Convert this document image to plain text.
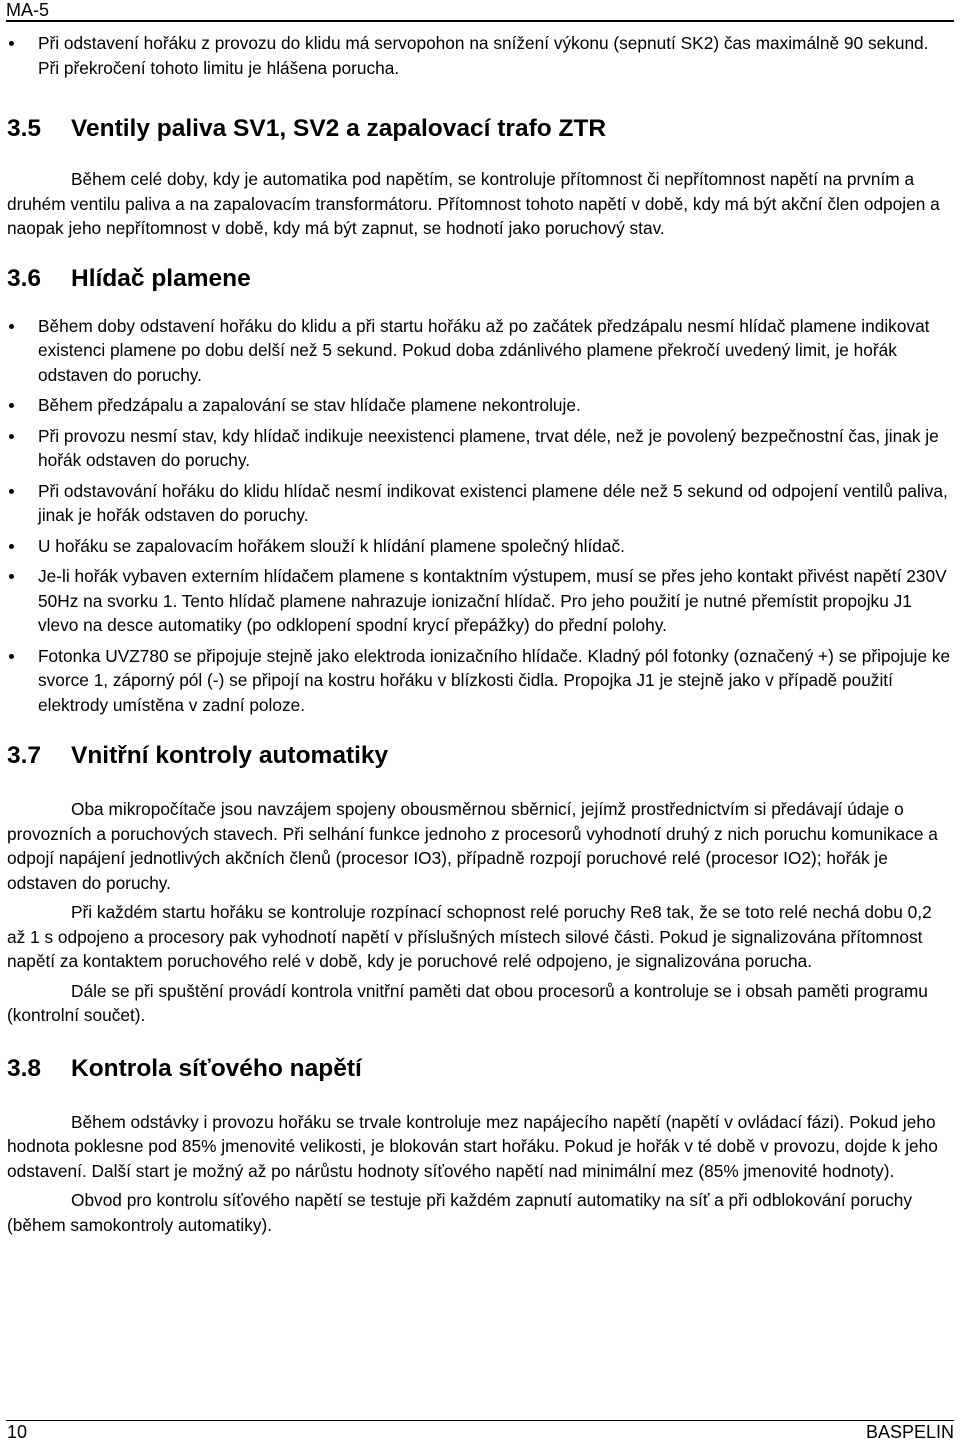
MA-5
Při odstavení hořáku z provozu do klidu má servopohon na snížení výkonu (sepnutí SK2) čas maximálně 90 sekund. Při překročení tohoto limitu je hlášena porucha.
3.5	Ventily paliva SV1, SV2 a zapalovací trafo ZTR

Během celé doby, kdy je automatika pod napětím, se kontroluje přítomnost či nepřítomnost napětí na prvním a druhém ventilu paliva a na zapalovacím transformátoru. Přítomnost tohoto napětí v době, kdy má být akční člen odpojen a naopak jeho nepřítomnost v době, kdy má být zapnut, se hodnotí jako poruchový stav.

3.6	Hlídač plamene
Během doby odstavení hořáku do klidu a při startu hořáku až po začátek předzápalu nesmí hlídač plamene indikovat existenci plamene po dobu delší než 5 sekund. Pokud doba zdánlivého plamene překročí uvedený limit, je hořák odstaven do poruchy.
Během předzápalu a zapalování se stav hlídače plamene nekontroluje.
Při provozu nesmí stav, kdy hlídač indikuje neexistenci plamene, trvat déle, než je povolený bezpečnostní čas, jinak je hořák odstaven do poruchy.
Při odstavování hořáku do klidu hlídač nesmí indikovat existenci plamene déle než 5 sekund od odpojení ventilů paliva, jinak je hořák odstaven do poruchy.
U hořáku se zapalovacím hořákem slouží k hlídání plamene společný hlídač.
Je-li hořák vybaven externím hlídačem plamene s kontaktním výstupem, musí se přes jeho kontakt přivést napětí 230V 50Hz na svorku 1. Tento hlídač plamene nahrazuje ionizační hlídač. Pro jeho použití je nutné přemístit propojku J1 vlevo na desce automatiky (po odklopení spodní krycí přepážky) do přední polohy.
Fotonka UVZ780 se připojuje stejně jako elektroda ionizačního hlídače. Kladný pól fotonky (označený +) se připojuje ke svorce 1, záporný pól (-) se připojí na kostru hořáku v blízkosti čidla. Propojka J1 je stejně jako v případě použití elektrody umístěna v zadní poloze.
3.7	Vnitřní kontroly automatiky

Oba mikropočítače jsou navzájem spojeny obousměrnou sběrnicí, jejímž prostřednictvím si předávají údaje o provozních a poruchových stavech. Při selhání funkce jednoho z procesorů vyhodnotí druhý z nich poruchu komunikace a odpojí napájení jednotlivých akčních členů (procesor IO3), případně rozpojí poruchové relé (procesor IO2); hořák je odstaven do poruchy.

Při každém startu hořáku se kontroluje rozpínací schopnost relé poruchy Re8 tak, že se toto relé nechá dobu 0,2 až 1 s odpojeno a procesory pak vyhodnotí napětí v příslušných místech silové části. Pokud je signalizována přítomnost napětí za kontaktem poruchového relé v době, kdy je poruchové relé odpojeno, je signalizována porucha.

Dále se při spuštění provádí kontrola vnitřní paměti dat obou procesorů a kontroluje se i obsah paměti programu (kontrolní součet).

3.8	Kontrola síťového napětí

Během odstávky i provozu hořáku se trvale kontroluje mez napájecího napětí (napětí v ovládací fázi). Pokud jeho hodnota poklesne pod 85% jmenovité velikosti, je blokován start hořáku. Pokud je hořák v té době v provozu, dojde k jeho odstavení. Další start je možný až po nárůstu hodnoty síťového napětí nad minimální mez (85% jmenovité hodnoty).

Obvod pro kontrolu síťového napětí se testuje při každém zapnutí automatiky na síť a při odblokování poruchy (během samokontroly automatiky).

10	BASPELIN
